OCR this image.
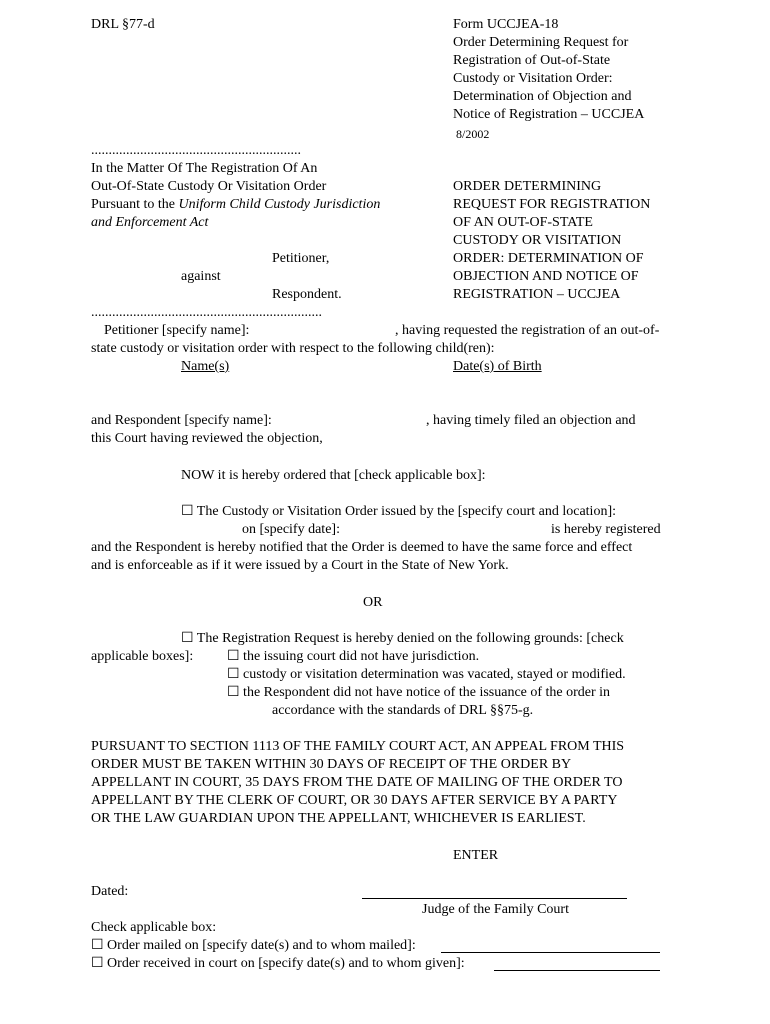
DRL §77-d	Form UCCJEA-18
Order Determining Request for
Registration of Out-of-State
Custody or Visitation Order:
Determination of Objection and
Notice of Registration – UCCJEA
8/2002
............................................................
In the Matter Of The Registration Of An
Out-Of-State Custody Or Visitation Order
Pursuant to the Uniform Child Custody Jurisdiction
and Enforcement Act
Petitioner,
against
Respondent.
..................................................................
ORDER DETERMINING
REQUEST FOR REGISTRATION
OF AN OUT-OF-STATE
CUSTODY OR VISITATION
ORDER: DETERMINATION OF
OBJECTION AND NOTICE OF
REGISTRATION – UCCJEA
Petitioner [specify name]:	, having requested the registration of an out-of-
state custody or visitation order with respect to the following child(ren):
Name(s)	Date(s) of Birth
and Respondent [specify name]:	, having timely filed an objection and
this Court having reviewed the objection,
NOW it is hereby ordered that [check applicable box]:
☐ The Custody or Visitation Order issued by the [specify court and location]:
on [specify date]:	is hereby registered
and the Respondent is hereby notified that the Order is deemed to have the same force and effect
and is enforceable as if it were issued by a Court in the State of New York.
OR
☐ The Registration Request is hereby denied on the following grounds: [check
applicable boxes]: ☐ the issuing court did not have jurisdiction.
☐ custody or visitation determination was vacated, stayed or modified.
☐ the Respondent did not have notice of the issuance of the order in
accordance with the standards of DRL §§75-g.
PURSUANT TO SECTION 1113 OF THE FAMILY COURT ACT, AN APPEAL FROM THIS
ORDER MUST BE TAKEN WITHIN 30 DAYS OF RECEIPT OF THE ORDER BY
APPELLANT IN COURT, 35 DAYS FROM THE DATE OF MAILING OF THE ORDER TO
APPELLANT BY THE CLERK OF COURT, OR 30 DAYS AFTER SERVICE BY A PARTY
OR THE LAW GUARDIAN UPON THE APPELLANT, WHICHEVER IS EARLIEST.
ENTER
Dated:
Judge of the Family Court
Check applicable box:
☐ Order mailed on [specify date(s) and to whom mailed]:
☐ Order received in court on [specify date(s) and to whom given]:
